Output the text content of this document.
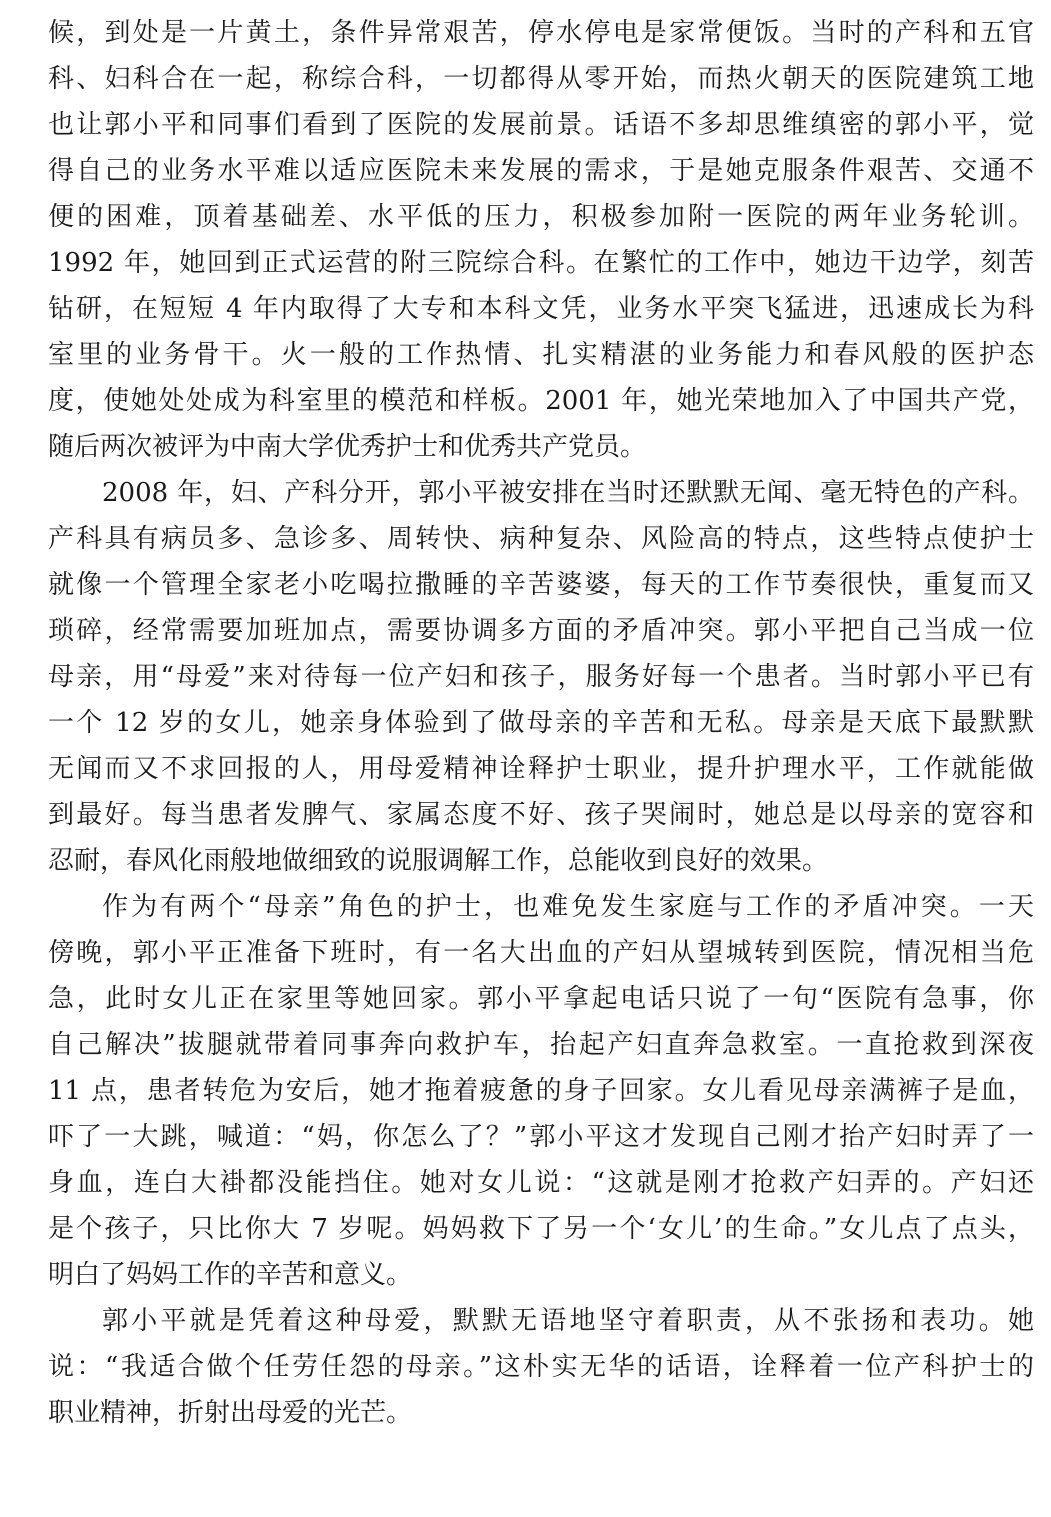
候，到处是一片黄土，条件异常艰苦，停水停电是家常便饭。当时的产科和五官
科、妇科合在一起，称综合科，一切都得从零开始，而热火朝天的医院建筑工地
也让郭小平和同事们看到了医院的发展前景。话语不多却思维缜密的郭小平，觉
得自己的业务水平难以适应医院未来发展的需求，于是她克服条件艰苦、交通不
便的困难，顶着基础差、水平低的压力，积极参加附一医院的两年业务轮训。
1992 年，她回到正式运营的附三院综合科。在繁忙的工作中，她边干边学，刻苦
钻研，在短短 4 年内取得了大专和本科文凭，业务水平突飞猛进，迅速成长为科
室里的业务骨干。火一般的工作热情、扎实精湛的业务能力和春风般的医护态
度，使她处处成为科室里的模范和样板。2001 年，她光荣地加入了中国共产党，
随后两次被评为中南大学优秀护士和优秀共产党员。
2008 年，妇、产科分开，郭小平被安排在当时还默默无闻、毫无特色的产科。
产科具有病员多、急诊多、周转快、病种复杂、风险高的特点，这些特点使护士
就像一个管理全家老小吃喝拉撒睡的辛苦婆婆，每天的工作节奏很快，重复而又
琐碎，经常需要加班加点，需要协调多方面的矛盾冲突。郭小平把自己当成一位
母亲，用“母爱”来对待每一位产妇和孩子，服务好每一个患者。当时郭小平已有
一个 12 岁的女儿，她亲身体验到了做母亲的辛苦和无私。母亲是天底下最默默
无闻而又不求回报的人，用母爱精神诠释护士职业，提升护理水平，工作就能做
到最好。每当患者发脾气、家属态度不好、孩子哭闹时，她总是以母亲的宽容和
忍耐，春风化雨般地做细致的说服调解工作，总能收到良好的效果。
作为有两个“母亲”角色的护士，也难免发生家庭与工作的矛盾冲突。一天
傍晚，郭小平正准备下班时，有一名大出血的产妇从望城转到医院，情况相当危
急，此时女儿正在家里等她回家。郭小平拿起电话只说了一句“医院有急事，你
自己解决”拔腿就带着同事奔向救护车，抬起产妇直奔急救室。一直抢救到深夜
11 点，患者转危为安后，她才拖着疲惫的身子回家。女儿看见母亲满裤子是血，
吓了一大跳，喊道：“妈，你怎么了？”郭小平这才发现自己刚才抬产妇时弄了一
身血，连白大褂都没能挡住。她对女儿说：“这就是刚才抢救产妇弄的。产妇还
是个孩子，只比你大 7 岁呢。妈妈救下了另一个‘女儿’的生命。”女儿点了点头，
明白了妈妈工作的辛苦和意义。
郭小平就是凭着这种母爱，默默无语地坚守着职责，从不张扬和表功。她
说：“我适合做个任劳任怨的母亲。”这朴实无华的话语，诠释着一位产科护士的
职业精神，折射出母爱的光芒。
